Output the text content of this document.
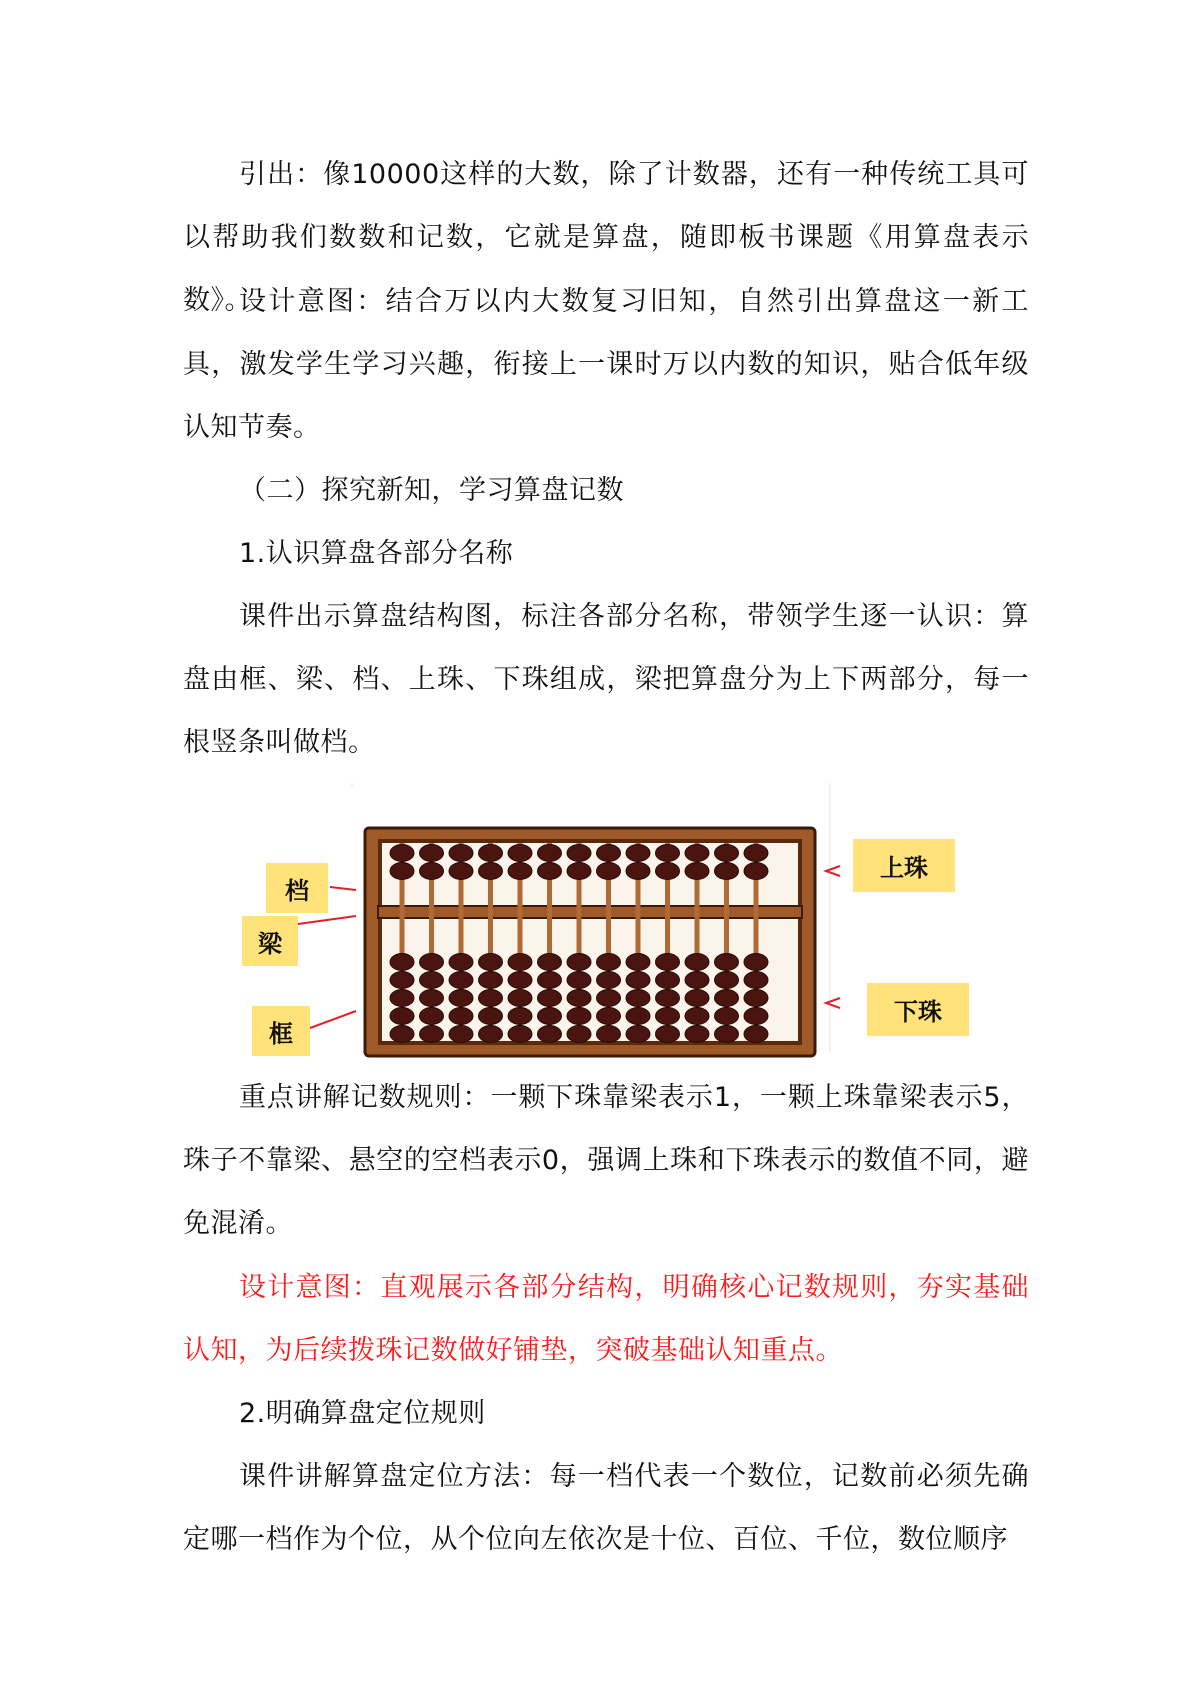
引出：像10000这样的大数，除了计数器，还有一种传统工具可以帮助我们数数和记数，它就是算盘，随即板书课题《用算盘表示数》。

设计意图：结合万以内大数复习旧知，自然引出算盘这一新工具，激发学生学习兴趣，衔接上一课时万以内数的知识，贴合低年级认知节奏。

（二）探究新知，学习算盘记数

1.认识算盘各部分名称

课件出示算盘结构图，标注各部分名称，带领学生逐一认识：算盘由框、梁、档、上珠、下珠组成，梁把算盘分为上下两部分，每一根竖条叫做档。

档
梁
框
上珠
下珠

重点讲解记数规则：一颗下珠靠梁表示1，一颗上珠靠梁表示5，珠子不靠梁、悬空的空档表示0，强调上珠和下珠表示的数值不同，避免混淆。

设计意图：直观展示各部分结构，明确核心记数规则，夯实基础认知，为后续拨珠记数做好铺垫，突破基础认知重点。

2.明确算盘定位规则

课件讲解算盘定位方法：每一档代表一个数位，记数前必须先确定哪一档作为个位，从个位向左依次是十位、百位、千位，数位顺序
